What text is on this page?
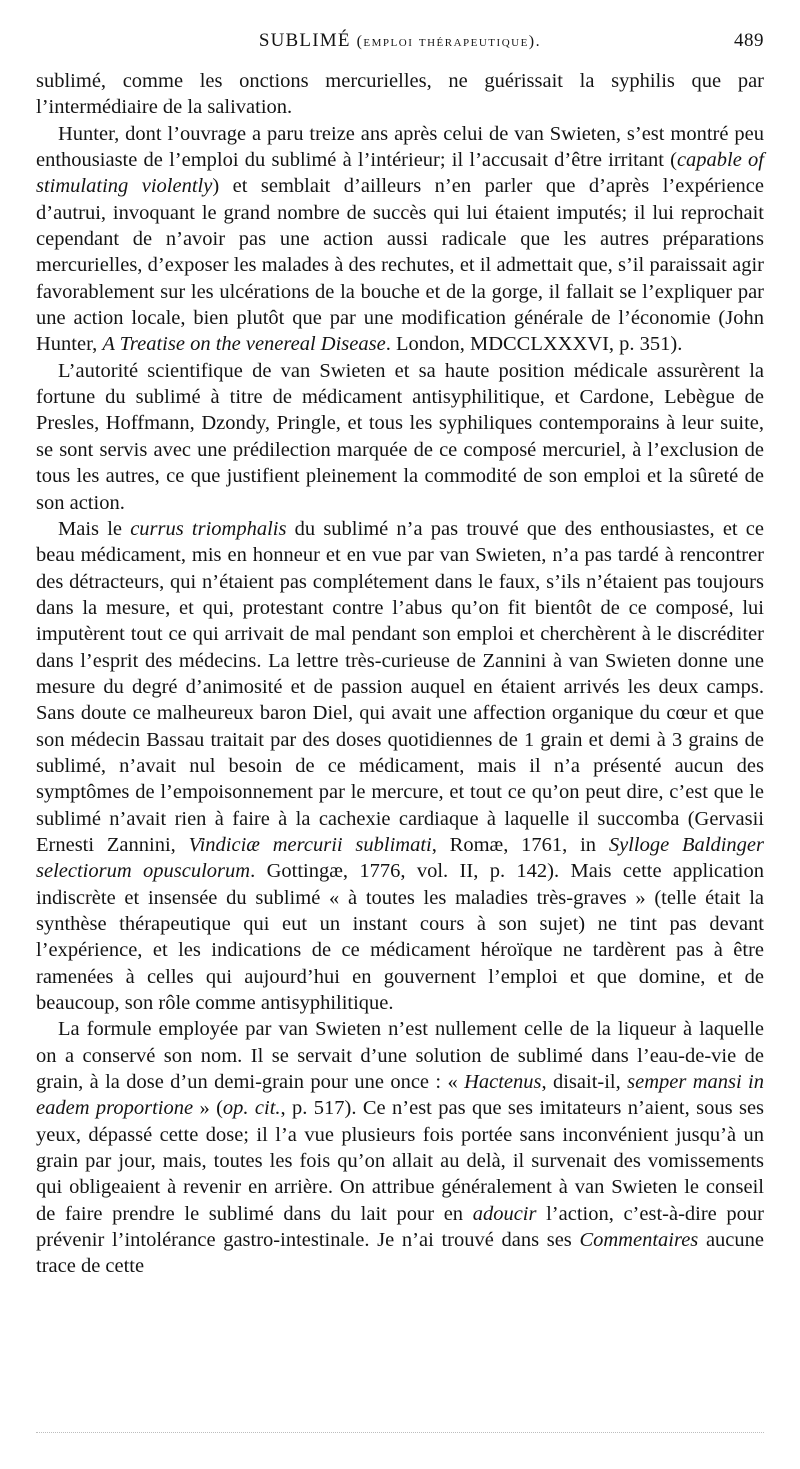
SUBLIMÉ (emploi thérapeutique).	489

sublimé, comme les onctions mercurielles, ne guérissait la syphilis que par l’intermédiaire de la salivation.

Hunter, dont l’ouvrage a paru treize ans après celui de van Swieten, s’est montré peu enthousiaste de l’emploi du sublimé à l’intérieur; il l’accusait d’être irritant (capable of stimulating violently) et semblait d’ailleurs n’en parler que d’après l’expérience d’autrui, invoquant le grand nombre de succès qui lui étaient imputés; il lui reprochait cependant de n’avoir pas une action aussi radicale que les autres préparations mercurielles, d’exposer les malades à des rechutes, et il admettait que, s’il paraissait agir favorablement sur les ulcérations de la bouche et de la gorge, il fallait se l’expliquer par une action locale, bien plutôt que par une modification générale de l’économie (John Hunter, A Treatise on the venereal Disease. London, MDCCLXXXVI, p. 351).

L’autorité scientifique de van Swieten et sa haute position médicale assurèrent la fortune du sublimé à titre de médicament antisyphilitique, et Cardone, Lebègue de Presles, Hoffmann, Dzondy, Pringle, et tous les syphiliques contemporains à leur suite, se sont servis avec une prédilection marquée de ce composé mercuriel, à l’exclusion de tous les autres, ce que justifient pleinement la commodité de son emploi et la sûreté de son action.

Mais le currus triomphalis du sublimé n’a pas trouvé que des enthousiastes, et ce beau médicament, mis en honneur et en vue par van Swieten, n’a pas tardé à rencontrer des détracteurs, qui n’étaient pas complétement dans le faux, s’ils n’étaient pas toujours dans la mesure, et qui, protestant contre l’abus qu’on fit bientôt de ce composé, lui imputèrent tout ce qui arrivait de mal pendant son emploi et cherchèrent à le discréditer dans l’esprit des médecins. La lettre très-curieuse de Zannini à van Swieten donne une mesure du degré d’animosité et de passion auquel en étaient arrivés les deux camps. Sans doute ce malheureux baron Diel, qui avait une affection organique du cœur et que son médecin Bassau traitait par des doses quotidiennes de 1 grain et demi à 3 grains de sublimé, n’avait nul besoin de ce médicament, mais il n’a présenté aucun des symptômes de l’empoisonnement par le mercure, et tout ce qu’on peut dire, c’est que le sublimé n’avait rien à faire à la cachexie cardiaque à laquelle il succomba (Gervasii Ernesti Zannini, Vindiciæ mercurii sublimati, Romæ, 1761, in Sylloge Baldinger selectiorum opusculorum. Gottingæ, 1776, vol. II, p. 142). Mais cette application indiscrète et insensée du sublimé « à toutes les maladies très-graves » (telle était la synthèse thérapeutique qui eut un instant cours à son sujet) ne tint pas devant l’expérience, et les indications de ce médicament héroïque ne tardèrent pas à être ramenées à celles qui aujourd’hui en gouvernent l’emploi et que domine, et de beaucoup, son rôle comme antisyphilitique.

La formule employée par van Swieten n’est nullement celle de la liqueur à laquelle on a conservé son nom. Il se servait d’une solution de sublimé dans l’eau-de-vie de grain, à la dose d’un demi-grain pour une once : « Hactenus, disait-il, semper mansi in eadem proportione » (op. cit., p. 517). Ce n’est pas que ses imitateurs n’aient, sous ses yeux, dépassé cette dose; il l’a vue plusieurs fois portée sans inconvénient jusqu’à un grain par jour, mais, toutes les fois qu’on allait au delà, il survenait des vomissements qui obligeaient à revenir en arrière. On attribue généralement à van Swieten le conseil de faire prendre le sublimé dans du lait pour en adoucir l’action, c’est-à-dire pour prévenir l’intolérance gastro-intestinale. Je n’ai trouvé dans ses Commentaires aucune trace de cette
